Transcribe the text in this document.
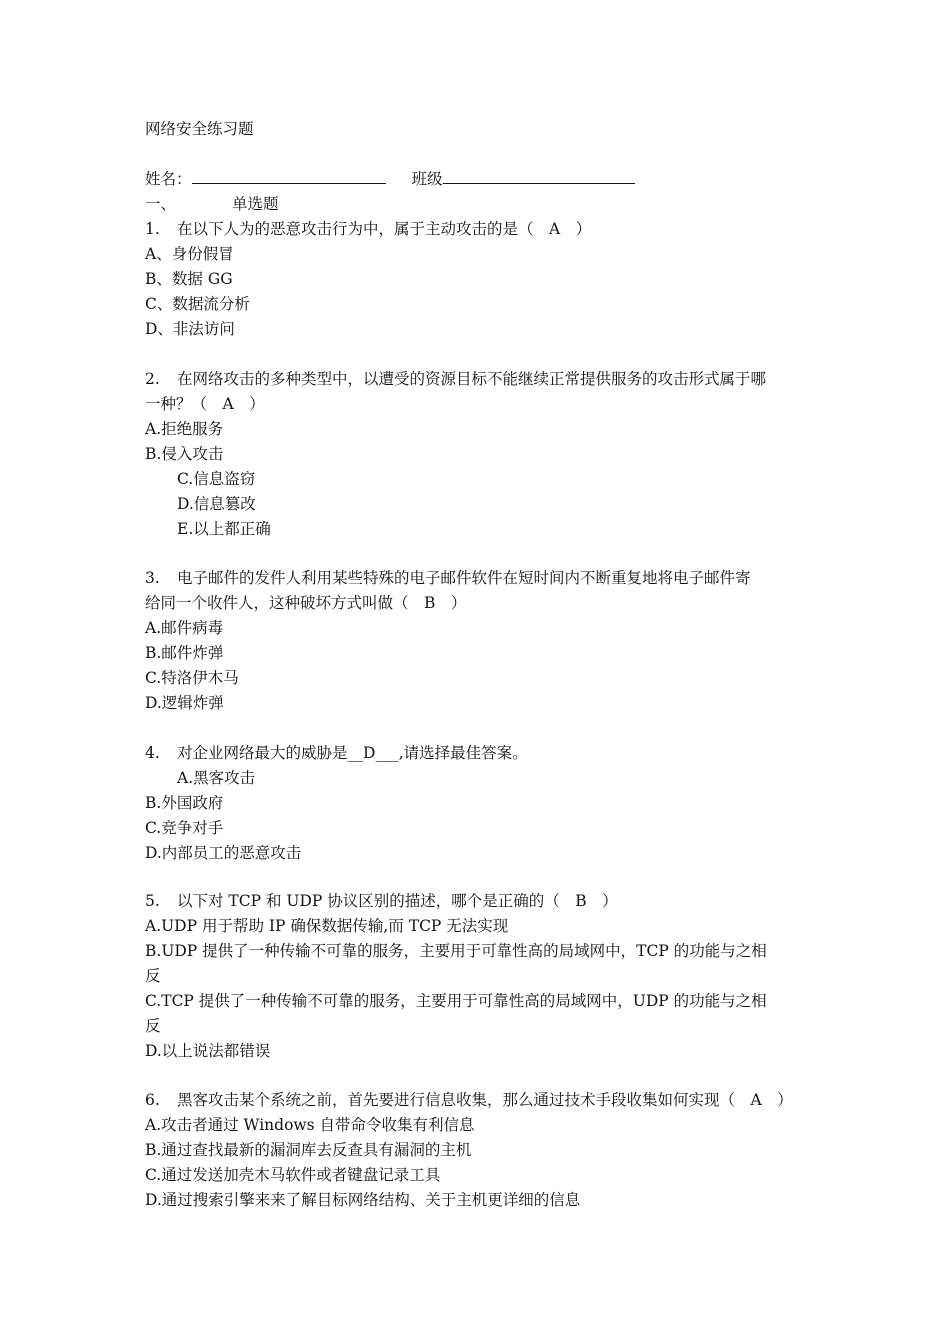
网络安全练习题
姓名：	班级
一、	单选题
1. 在以下人为的恶意攻击行为中，属于主动攻击的是（　A　）
A、身份假冒
B、数据 GG
C、数据流分析
D、非法访问
2. 在网络攻击的多种类型中，以遭受的资源目标不能继续正常提供服务的攻击形式属于哪
一种？（　A　）
A.拒绝服务
B.侵入攻击
C.信息盗窃
D.信息篡改
E.以上都正确
3. 电子邮件的发件人利用某些特殊的电子邮件软件在短时间内不断重复地将电子邮件寄
给同一个收件人，这种破坏方式叫做（　B　）
A.邮件病毒
B.邮件炸弹
C.特洛伊木马
D.逻辑炸弹
4. 对企业网络最大的威胁是__D___,请选择最佳答案。
A.黑客攻击
B.外国政府
C.竞争对手
D.内部员工的恶意攻击
5. 以下对 TCP 和 UDP 协议区别的描述，哪个是正确的（　B　）
A.UDP 用于帮助 IP 确保数据传输,而 TCP 无法实现
B.UDP 提供了一种传输不可靠的服务，主要用于可靠性高的局域网中，TCP 的功能与之相
反
C.TCP 提供了一种传输不可靠的服务，主要用于可靠性高的局域网中，UDP 的功能与之相
反
D.以上说法都错误
6. 黑客攻击某个系统之前，首先要进行信息收集，那么通过技术手段收集如何实现（　A　）
A.攻击者通过 Windows 自带命令收集有利信息
B.通过查找最新的漏洞库去反查具有漏洞的主机
C.通过发送加壳木马软件或者键盘记录工具
D.通过搜索引擎来来了解目标网络结构、关于主机更详细的信息
